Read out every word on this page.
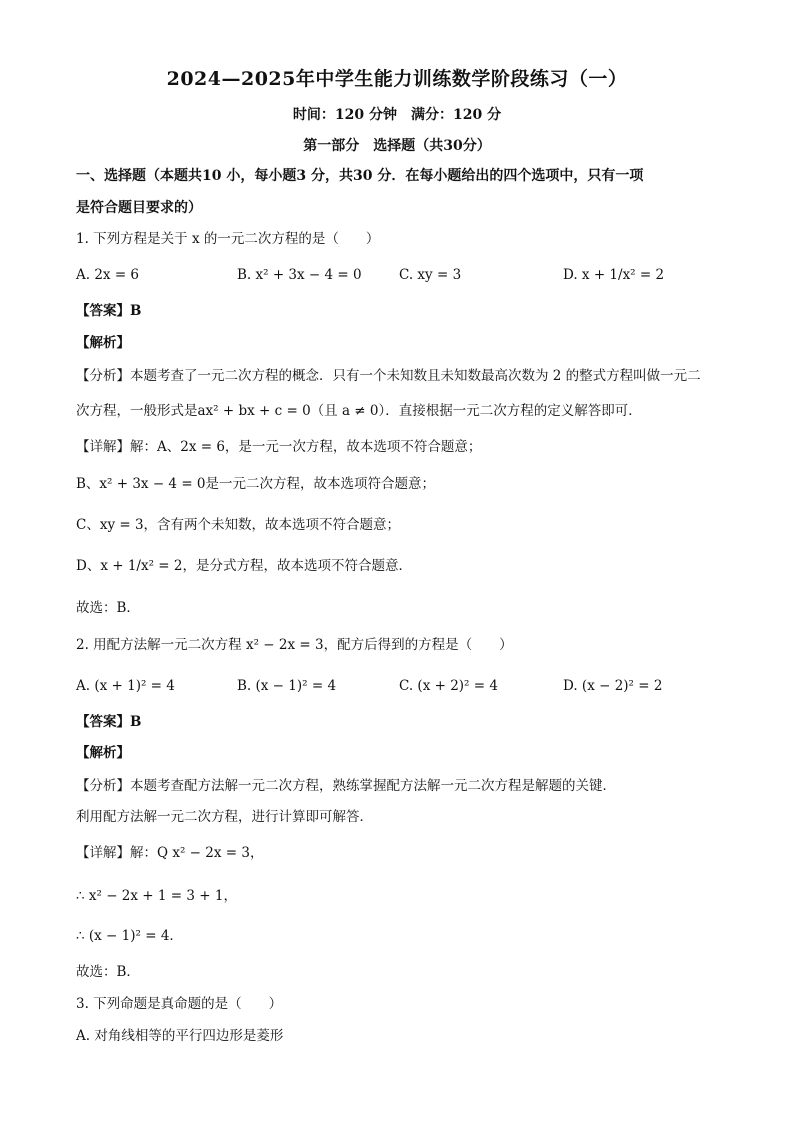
2024—2025年中学生能力训练数学阶段练习（一）
时间：120 分钟　满分：120 分
第一部分　选择题（共30分）
一、选择题（本题共10 小，每小题3 分，共30 分．在每小题给出的四个选项中，只有一项
是符合题目要求的）
1. 下列方程是关于 x 的一元二次方程的是（　　）
A. 2x = 6	B. x² + 3x − 4 = 0	C. xy = 3	D. x + 1/x² = 2
【答案】B
【解析】
【分析】本题考查了一元二次方程的概念．只有一个未知数且未知数最高次数为 2 的整式方程叫做一元二
次方程，一般形式是ax² + bx + c = 0（且 a ≠ 0）．直接根据一元二次方程的定义解答即可．
【详解】解：A、2x = 6，是一元一次方程，故本选项不符合题意；
B、x² + 3x − 4 = 0是一元二次方程，故本选项符合题意；
C、xy = 3，含有两个未知数，故本选项不符合题意；
D、x + 1/x² = 2，是分式方程，故本选项不符合题意．
故选：B．
2. 用配方法解一元二次方程 x² − 2x = 3，配方后得到的方程是（　　）
A. (x + 1)² = 4	B. (x − 1)² = 4	C. (x + 2)² = 4	D. (x − 2)² = 2
【答案】B
【解析】
【分析】本题考查配方法解一元二次方程，熟练掌握配方法解一元二次方程是解题的关键．
利用配方法解一元二次方程，进行计算即可解答．
【详解】解：Q x² − 2x = 3，
∴ x² − 2x + 1 = 3 + 1，
∴ (x − 1)² = 4．
故选：B．
3. 下列命题是真命题的是（　　）
A. 对角线相等的平行四边形是菱形
